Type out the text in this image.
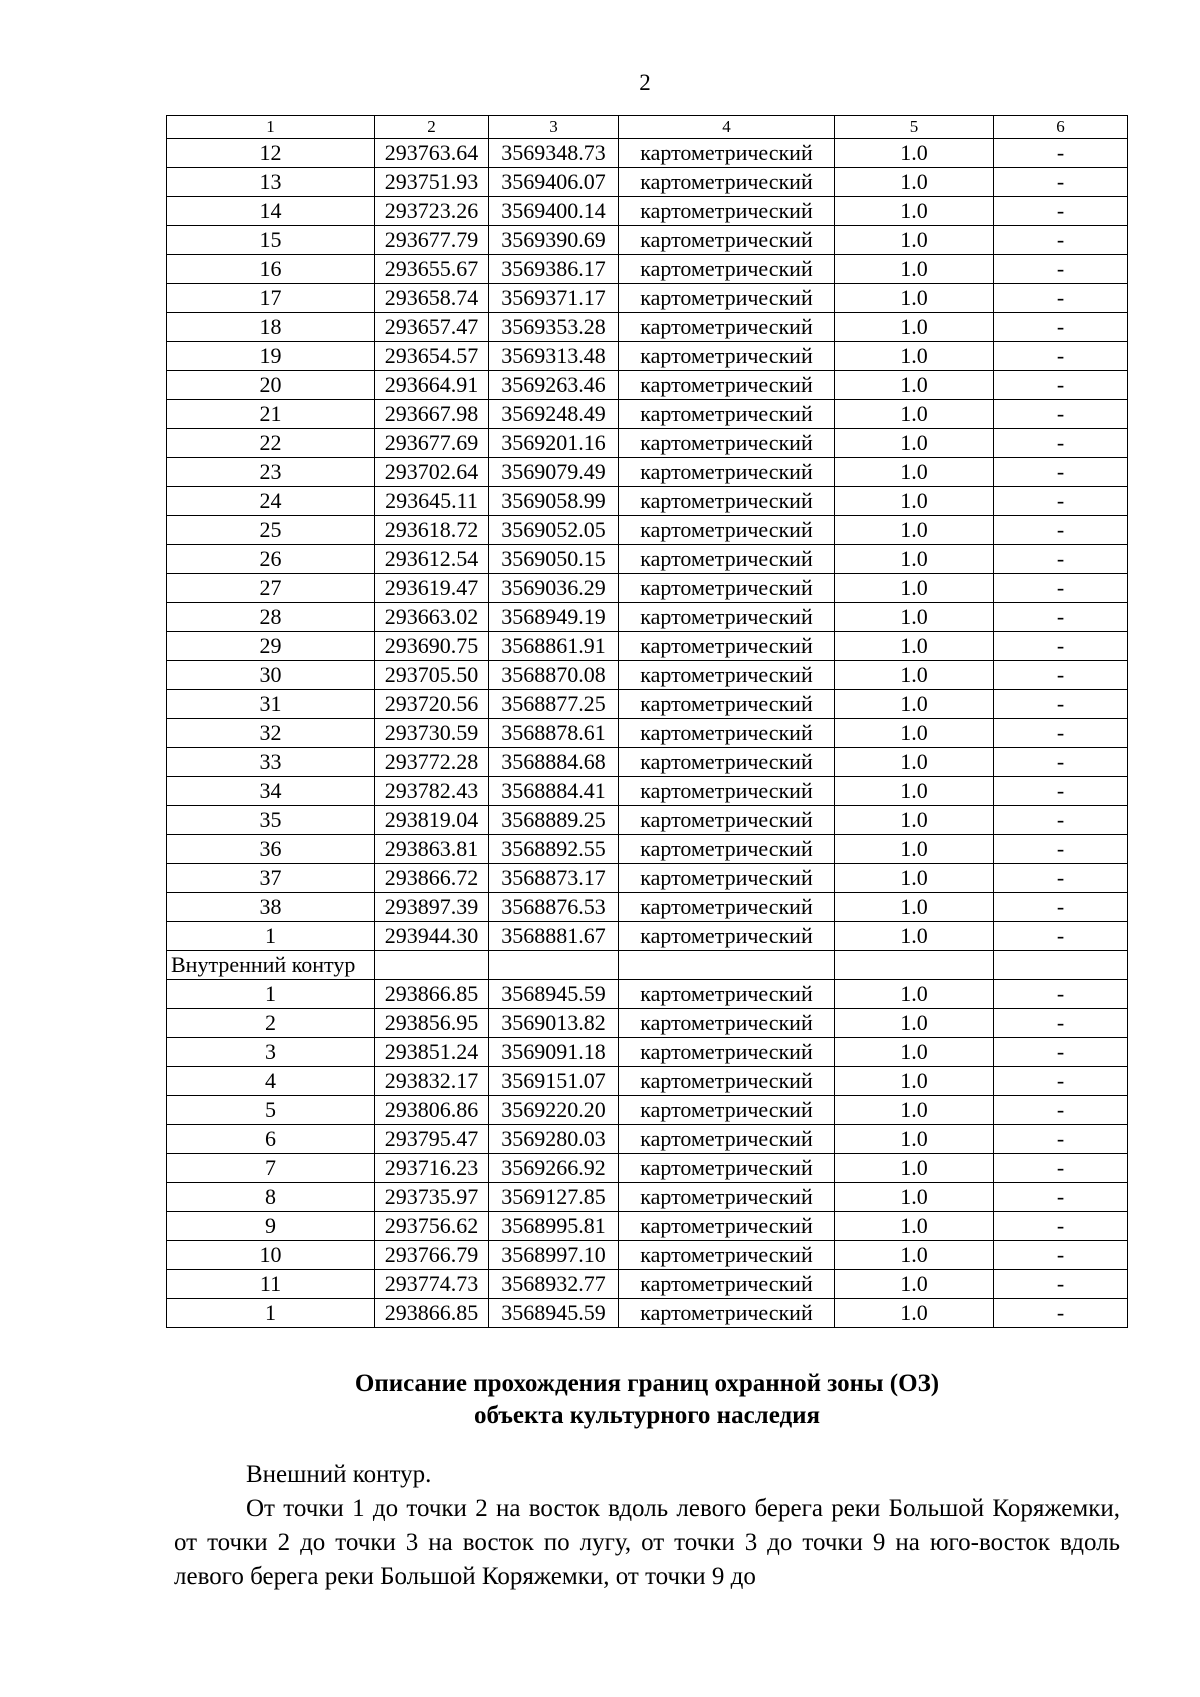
2
1	2	3	4	5	6
12	293763.64	3569348.73	картометрический	1.0	-
13	293751.93	3569406.07	картометрический	1.0	-
14	293723.26	3569400.14	картометрический	1.0	-
15	293677.79	3569390.69	картометрический	1.0	-
16	293655.67	3569386.17	картометрический	1.0	-
17	293658.74	3569371.17	картометрический	1.0	-
18	293657.47	3569353.28	картометрический	1.0	-
19	293654.57	3569313.48	картометрический	1.0	-
20	293664.91	3569263.46	картометрический	1.0	-
21	293667.98	3569248.49	картометрический	1.0	-
22	293677.69	3569201.16	картометрический	1.0	-
23	293702.64	3569079.49	картометрический	1.0	-
24	293645.11	3569058.99	картометрический	1.0	-
25	293618.72	3569052.05	картометрический	1.0	-
26	293612.54	3569050.15	картометрический	1.0	-
27	293619.47	3569036.29	картометрический	1.0	-
28	293663.02	3568949.19	картометрический	1.0	-
29	293690.75	3568861.91	картометрический	1.0	-
30	293705.50	3568870.08	картометрический	1.0	-
31	293720.56	3568877.25	картометрический	1.0	-
32	293730.59	3568878.61	картометрический	1.0	-
33	293772.28	3568884.68	картометрический	1.0	-
34	293782.43	3568884.41	картометрический	1.0	-
35	293819.04	3568889.25	картометрический	1.0	-
36	293863.81	3568892.55	картометрический	1.0	-
37	293866.72	3568873.17	картометрический	1.0	-
38	293897.39	3568876.53	картометрический	1.0	-
1	293944.30	3568881.67	картометрический	1.0	-
Внутренний контур					
1	293866.85	3568945.59	картометрический	1.0	-
2	293856.95	3569013.82	картометрический	1.0	-
3	293851.24	3569091.18	картометрический	1.0	-
4	293832.17	3569151.07	картометрический	1.0	-
5	293806.86	3569220.20	картометрический	1.0	-
6	293795.47	3569280.03	картометрический	1.0	-
7	293716.23	3569266.92	картометрический	1.0	-
8	293735.97	3569127.85	картометрический	1.0	-
9	293756.62	3568995.81	картометрический	1.0	-
10	293766.79	3568997.10	картометрический	1.0	-
11	293774.73	3568932.77	картометрический	1.0	-
1	293866.85	3568945.59	картометрический	1.0	-
Описание прохождения границ охранной зоны (ОЗ)
объекта культурного наследия
Внешний контур.
От точки 1 до точки 2 на восток вдоль левого берега реки Большой Коряжемки, от точки 2 до точки 3 на восток по лугу, от точки 3 до точки 9 на юго-восток вдоль левого берега реки Большой Коряжемки, от точки 9 до
